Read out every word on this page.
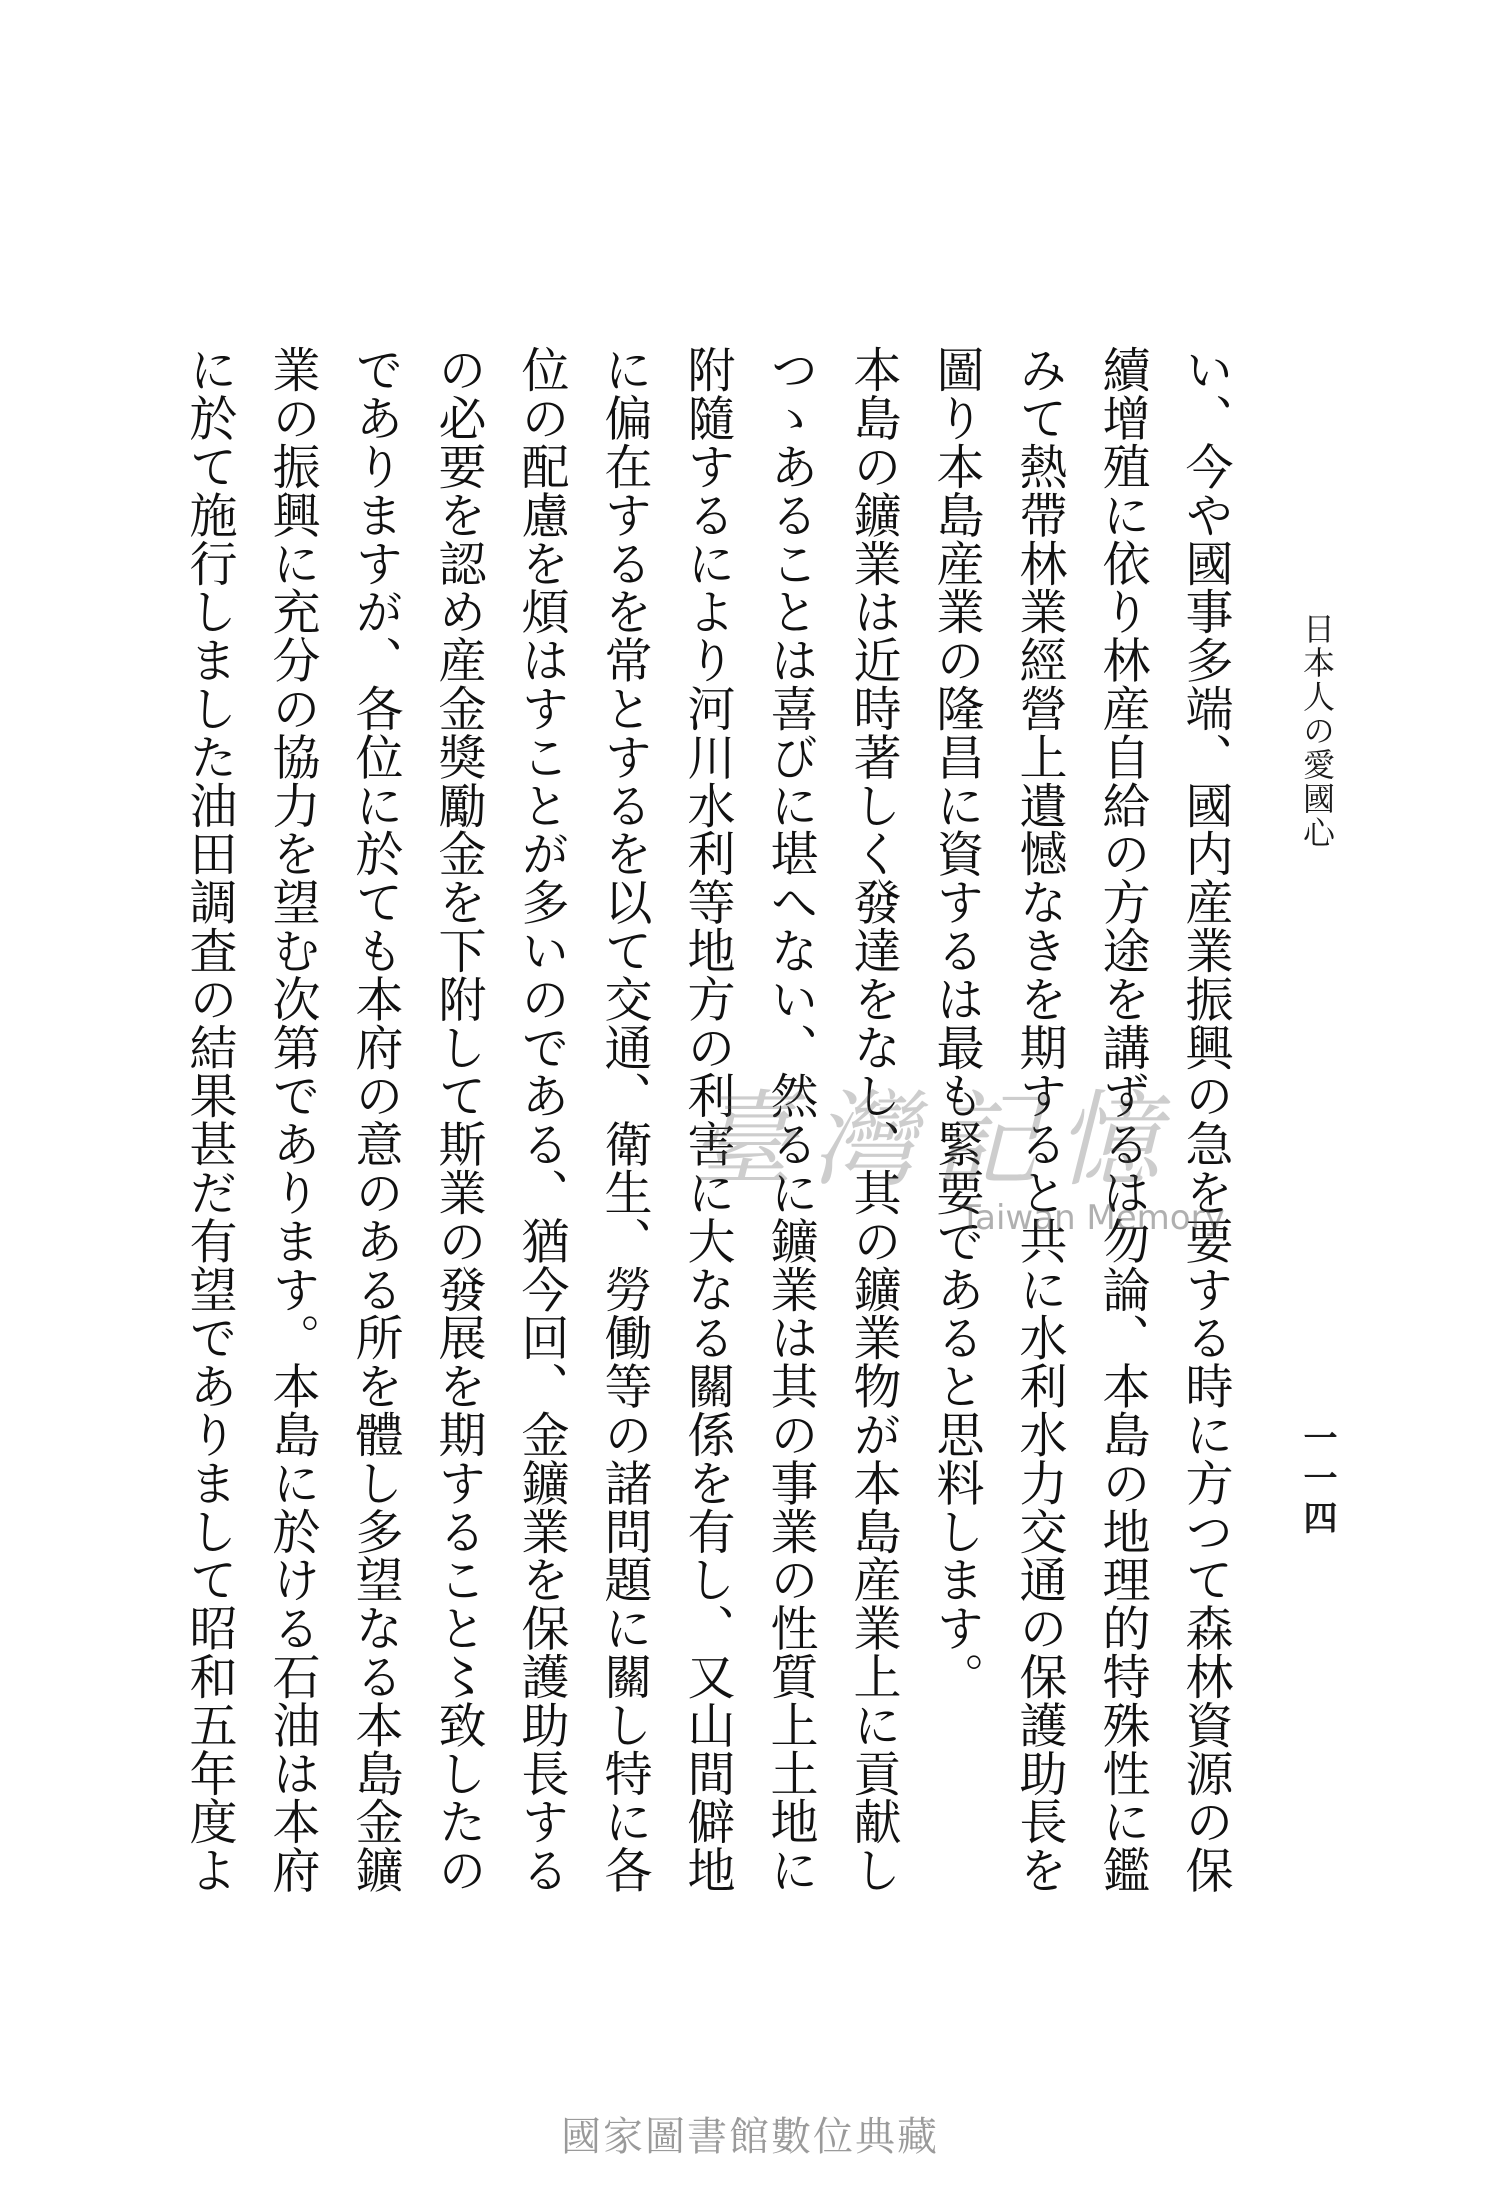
日本人の愛國心
一一四

い、今や國事多端、國内産業振興の急を要する時に方つて森林資源の保續增殖に依り林産自給の方途を講ずるは勿論、本島の地理的特殊性に鑑みて熱帶林業經營上遺憾なきを期すると共に水利水力交通の保護助長を圖り本島産業の隆昌に資するは最も緊要であると思料します。

本島の鑛業は近時著しく發達をなし、其の鑛業物が本島産業上に貢献しつゝあることは喜びに堪へない、然るに鑛業は其の事業の性質上土地に附隨するにより河川水利等地方の利害に大なる關係を有し、又山間僻地に偏在するを常とするを以て交通、衛生、勞働等の諸問題に關し特に各位の配慮を煩はすことが多いのである、猶今回、金鑛業を保護助長するの必要を認め産金獎勵金を下附して斯業の發展を期すること〻致したのでありますが、各位に於ても本府の意のある所を體し多望なる本島金鑛業の振興に充分の協力を望む次第であります。本島に於ける石油は本府に於て施行しました油田調査の結果甚だ有望でありまして昭和五年度よ	臺灣記憶
Taiwan Memory
國家圖書館數位典藏
